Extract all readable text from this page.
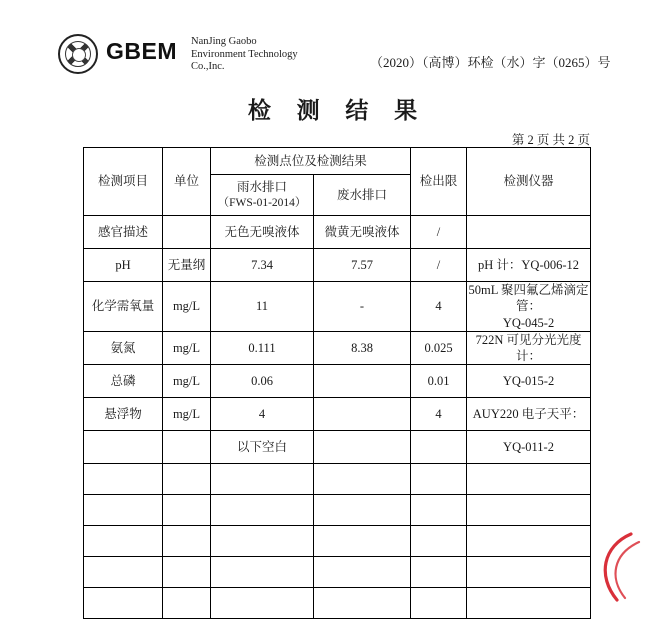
GBEM NanJing Gaobo
Environment Technology
Co.,Inc.	（2020）（高博）环检（水）字（0265）号
检 测 结 果
第 2 页 共 2 页
检测项目	单位	检测点位及检测结果		检出限	检测仪器

		雨水排口
（FWS-01-2014）	废水排口		
感官描述		无色无嗅液体	微黄无嗅液体	/	

pH	无量纲	7.34	7.57	/	pH 计：YQ-006-12

化学需氧量	mg/L	11	-	4	50mL 聚四氟乙烯滴定管：
YQ-045-2

氨氮	mg/L	0.111	8.38	0.025	722N 可见分光光度计：

总磷	mg/L	0.06		0.01	YQ-015-2

悬浮物	mg/L	4		4	AUY220 电子天平：

		以下空白			YQ-011-2
